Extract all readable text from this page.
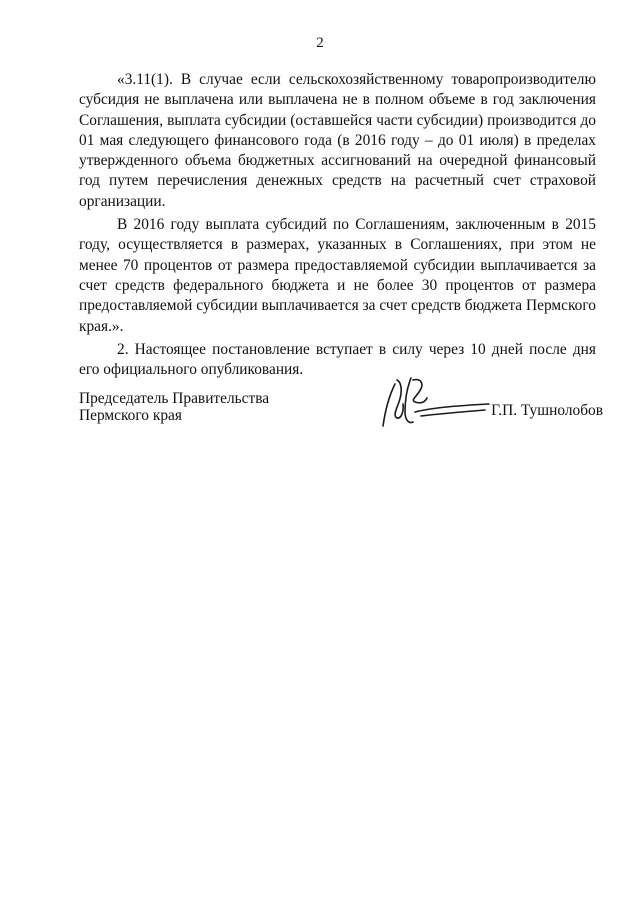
2

«3.11(1). В случае если сельскохозяйственному товаропроизводителю субсидия не выплачена или выплачена не в полном объеме в год заключения Соглашения, выплата субсидии (оставшейся части субсидии) производится до 01 мая следующего финансового года (в 2016 году – до 01 июля) в пределах утвержденного объема бюджетных ассигнований на очередной финансовый год путем перечисления денежных средств на расчетный счет страховой организации.

В 2016 году выплата субсидий по Соглашениям, заключенным в 2015 году, осуществляется в размерах, указанных в Соглашениях, при этом не менее 70 процентов от размера предоставляемой субсидии выплачивается за счет средств федерального бюджета и не более 30 процентов от размера предоставляемой субсидии выплачивается за счет средств бюджета Пермского края.».

2. Настоящее постановление вступает в силу через 10 дней после дня его официального опубликования.

Председатель Правительства
Пермского края	Г.П. Тушнолобов
